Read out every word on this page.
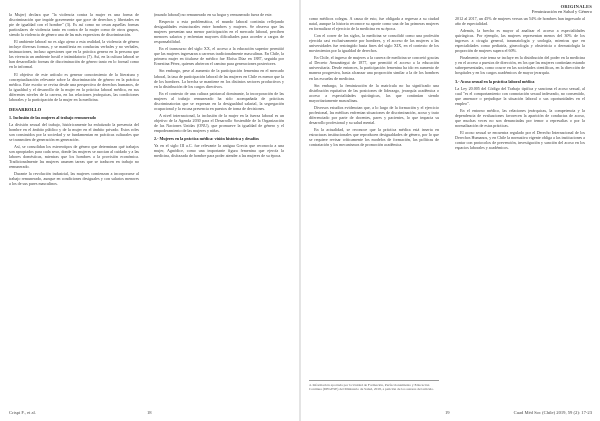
la Mujer) declara que "la violencia contra la mujer es una forma de discriminación que impide gravemente que goce de derechos y libertades en pie de igualdad con el hombre" (3). Es así como no cesan aquellas formas particulares de violencia tanto en contra de la mujer como de otros grupos, siendo la violencia de género una de las más expresivas de discriminación.

El ambiente laboral no es algo ajeno a esta realidad, la violencia de género incluye diversas formas, y se manifiesta en conductas verbales y no verbales, insinuaciones, incluso agresiones que en la práctica genera en la persona que las vivencia un ambiente hostil e intimidatorio (7). Así, en la cultura laboral se han desarrollado formas de discriminación de género tanto en lo formal como en lo informal.

El objetivo de este artículo es generar conocimiento de la literatura y conceptualización relevante sobre la discriminación de género en la práctica médica. Este escrito se revisa desde una perspectiva de derechos humanos, de la igualdad y el desarrollo de la mujer en la práctica laboral médica, en sus diferentes niveles de la carrera, en las relaciones jerárquicas, las condiciones laborales y la participación de la mujer en la medicina.

DESARROLLO
1. Inclusión de las mujeres al trabajo remunerado

La división sexual del trabajo, históricamente ha enfatizado la presencia del hombre en el ámbito público y de la mujer en el ámbito privado. Estos roles son construidos por la sociedad y se fundamentan en prácticas culturales que se transmiten de generación en generación.

Así, se consolidan los estereotipos de género que determinan qué trabajos son apropiados para cada sexo, donde las mujeres se asocian al cuidado y a las labores domésticas, mientras que los hombres a la provisión económica. Tradicionalmente las mujeres asumen tareas que se traducen en trabajo no remunerado.

Durante la revolución industrial, las mujeres comienzan a incorporarse al trabajo remunerado, aunque en condiciones desiguales y con salarios menores a los de sus pares masculinos.

(mundo laboral) no remunerado en su hogar y remunerado fuera de este.

Respecto a esta problemática, el mundo laboral continúa reflejando desigualdades estructurales entre hombres y mujeres. Se observa que las mujeres presentan una menor participación en el mercado laboral, perciben menores salarios y enfrentan mayores dificultades para acceder a cargos de responsabilidad.

En el transcurso del siglo XX, el acceso a la educación superior permitió que las mujeres ingresaran a carreras tradicionalmente masculinas. En Chile, la primera mujer en titularse de médico fue Eloísa Díaz en 1887, seguida por Ernestina Pérez, quienes abrieron el camino para generaciones posteriores.

Sin embargo, pese al aumento de la participación femenina en el mercado laboral, la tasa de participación laboral de las mujeres en Chile es menor que la de los hombres. La brecha se mantiene en los distintos sectores productivos y en la distribución de los cargos directivos.

En el contexto de una cultura patriarcal dominante, la incorporación de las mujeres al trabajo remunerado ha sido acompañada de prácticas discriminatorias que se expresan en la desigualdad salarial, la segregación ocupacional y la escasa presencia en puestos de toma de decisiones.

A nivel internacional, la inclusión de la mujer en la fuerza laboral es un objetivo de la Agenda 2030 para el Desarrollo Sostenible de la Organización de las Naciones Unidas (ONU), que promueve la igualdad de género y el empoderamiento de las mujeres y niñas.

2.- Mujeres en la práctica médica: visión histórica y desafíos

Ya en el siglo III a.C. fue relevante la antigua Grecia que reconocía a una mujer, Agnódice, como una importante figura femenina que ejercía la medicina, disfrazada de hombre para poder atender a las mujeres de su época.

Crispi F., et al.	18
ORIGINALES
Feminización en Salud y Género

como médicos colegas. A causa de esto, fue obligada a regresar a su ciudad natal, aunque la historia reconoce su aporte como una de las primeras mujeres en formalizar el ejercicio de la medicina en su época.

Con el correr de los siglos, la medicina se consolidó como una profesión ejercida casi exclusivamente por hombres, y el acceso de las mujeres a las universidades fue restringido hasta fines del siglo XIX, en el contexto de los movimientos por la igualdad de derechos.

En Chile, el ingreso de mujeres a la carrera de medicina se concretó gracias al Decreto Amunátegui de 1877, que permitió el acceso a la educación universitaria. Desde entonces, la participación femenina ha ido en aumento de manera progresiva, hasta alcanzar una proporción similar a la de los hombres en las escuelas de medicina.

Sin embargo, la feminización de la matrícula no ha significado una distribución equitativa de las posiciones de liderazgo, jerarquía académica o acceso a especialidades quirúrgicas, las que continúan siendo mayoritariamente masculinas.

Diversos estudios evidencian que, a lo largo de la formación y el ejercicio profesional, las médicas enfrentan situaciones de discriminación, acoso y trato diferenciado por parte de docentes, pares y pacientes, lo que impacta su desarrollo profesional y su salud mental.

En la actualidad, se reconoce que la práctica médica está inserta en estructuras institucionales que reproducen desigualdades de género, por lo que se requiere revisar críticamente los modelos de formación, las políticas de contratación y los mecanismos de promoción académica.

2012 al 2017, un 45% de mujeres versus un 54% de hombres han ingresado al año de especialidad.

Además, la brecha es mayor al analizar el acceso a especialidades quirúrgicas. Por ejemplo, las mujeres representan menos del 30% de los ingresos a cirugía general, traumatología y urología, mientras que en especialidades como pediatría, ginecología y obstetricia o dermatología la proporción de mujeres supera el 60%.

Finalmente, este tema se incluye en la distribución del poder en la medicina y en el acceso a puestos de dirección, en los que las mujeres continúan estando subrepresentadas, como ocurre en las sociedades científicas, en la dirección de hospitales y en los cargos académicos de mayor jerarquía.

3.- Acoso sexual en la práctica laboral médica

La Ley 20.005 del Código del Trabajo tipifica y sanciona el acoso sexual, al cual "es el comportamiento con connotación sexual indeseado, no consentido, que amenace o perjudique la situación laboral o sus oportunidades en el empleo".

En el entorno médico, las relaciones jerárquicas, la competencia y la dependencia de evaluaciones favorecen la aparición de conductas de acoso, que muchas veces no son denunciadas por temor a represalias o por la normalización de estas prácticas.

El acoso sexual se encuentra regulado por el Derecho Internacional de los Derechos Humanos, y en Chile la normativa vigente obliga a las instituciones a contar con protocolos de prevención, investigación y sanción del acoso en los espacios laborales y académicos.

4. Información aportada por la Unidad de Formación, Perfeccionamiento y Educación Continua (DEGESE) del Ministerio de Salud, 2018, a petición de los autores del artículo.
19	Cuad Méd Soc (Chile) 2019, 59 (2): 17-23
